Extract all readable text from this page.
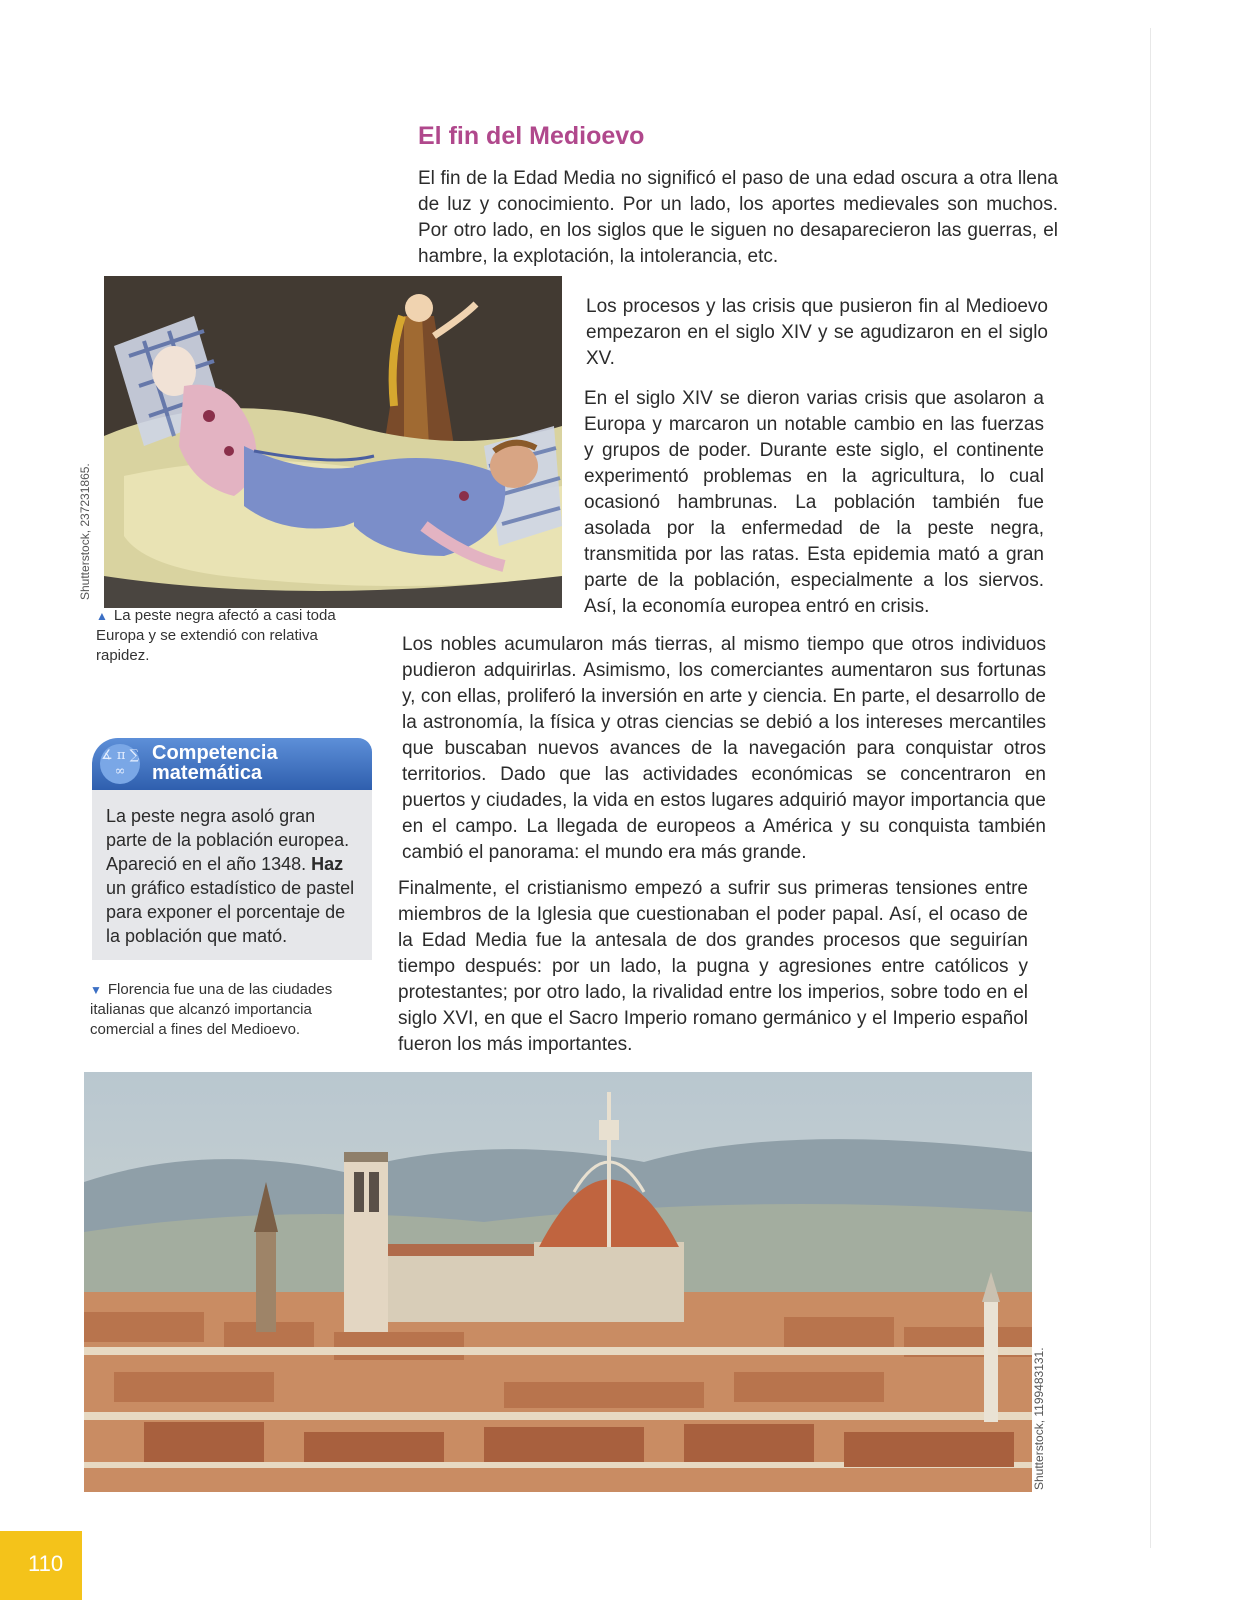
El fin del Medioevo

El fin de la Edad Media no significó el paso de una edad oscura a otra llena de luz y conocimiento. Por un lado, los aportes medievales son muchos. Por otro lado, en los siglos que le siguen no desaparecieron las guerras, el hambre, la explotación, la intolerancia, etc.

Shutterstock, 237231865.
▲ La peste negra afectó a casi toda Europa y se extendió con relativa rapidez.

Los procesos y las crisis que pusieron fin al Medioevo empezaron en el siglo XIV y se agudizaron en el siglo XV.

En el siglo XIV se dieron varias crisis que asolaron a Europa y marcaron un notable cambio en las fuerzas y grupos de poder. Durante este siglo, el continente experimentó problemas en la agricultura, lo cual ocasionó hambrunas. La población también fue asolada por la enfermedad de la peste negra, transmitida por las ratas. Esta epidemia mató a gran parte de la población, especialmente a los siervos. Así, la economía europea entró en crisis.

Los nobles acumularon más tierras, al mismo tiempo que otros individuos pudieron adquirirlas. Asimismo, los comerciantes aumentaron sus fortunas y, con ellas, proliferó la inversión en arte y ciencia. En parte, el desarrollo de la astronomía, la física y otras ciencias se debió a los intereses mercantiles que buscaban nuevos avances de la navegación para conquistar otros territorios. Dado que las actividades económicas se concentraron en puertos y ciudades, la vida en estos lugares adquirió mayor importancia que en el campo. La llegada de europeos a América y su conquista también cambió el panorama: el mundo era más grande.

∡ π ∑ ∞
Competencia matemática
La peste negra asoló gran parte de la población europea. Apareció en el año 1348. Haz un gráfico estadístico de pastel para exponer el porcentaje de la población que mató.
▼ Florencia fue una de las ciudades italianas que alcanzó importancia comercial a fines del Medioevo.

Finalmente, el cristianismo empezó a sufrir sus primeras tensiones entre miembros de la Iglesia que cuestionaban el poder papal. Así, el ocaso de la Edad Media fue la antesala de dos grandes procesos que seguirían tiempo después: por un lado, la pugna y agresiones entre católicos y protestantes; por otro lado, la rivalidad entre los imperios, sobre todo en el siglo XVI, en que el Sacro Imperio romano germánico y el Imperio español fueron los más importantes.

Shutterstock, 1199483131.
110
